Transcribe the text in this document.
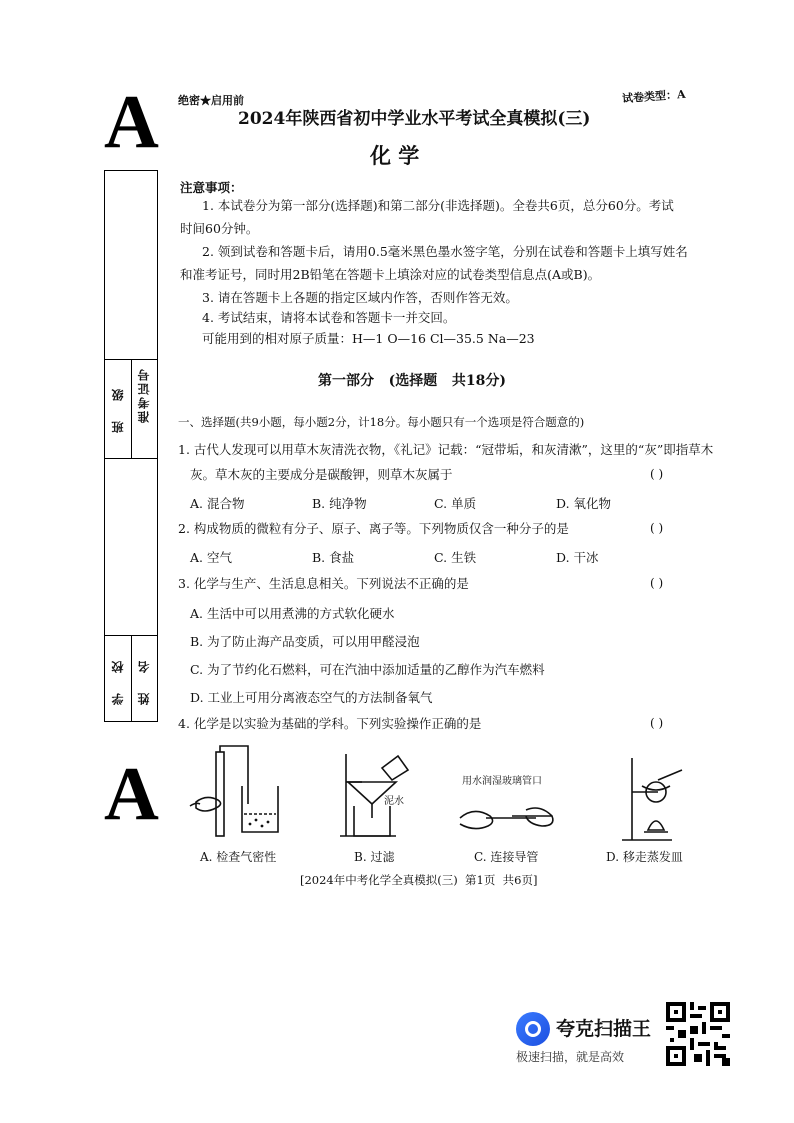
A
A
班 级 准考证号
学 校 姓 名
绝密★启用前	试卷类型：A
2024年陕西省初中学业水平考试全真模拟(三)
化 学
注意事项：
1. 本试卷分为第一部分(选择题)和第二部分(非选择题)。全卷共6页，总分60分。考试
时间60分钟。
2. 领到试卷和答题卡后，请用0.5毫米黑色墨水签字笔，分别在试卷和答题卡上填写姓名
和准考证号，同时用2B铅笔在答题卡上填涂对应的试卷类型信息点(A或B)。
3. 请在答题卡上各题的指定区域内作答，否则作答无效。
4. 考试结束，请将本试卷和答题卡一并交回。
可能用到的相对原子质量：H—1 O—16 Cl—35.5 Na—23
第一部分   (选择题   共18分)
一、选择题(共9小题，每小题2分，计18分。每小题只有一个选项是符合题意的)
1. 古代人发现可以用草木灰清洗衣物，《礼记》记载：“冠带垢，和灰清漱”，这里的“灰”即指草木
灰。草木灰的主要成分是碳酸钾，则草木灰属于	( )
A. 混合物	B. 纯净物	C. 单质	D. 氧化物
2. 构成物质的微粒有分子、原子、离子等。下列物质仅含一种分子的是	( )
A. 空气	B. 食盐	C. 生铁	D. 干冰
3. 化学与生产、生活息息相关。下列说法不正确的是	( )
A. 生活中可以用煮沸的方式软化硬水
B. 为了防止海产品变质，可以用甲醛浸泡
C. 为了节约化石燃料，可在汽油中添加适量的乙醇作为汽车燃料
D. 工业上可用分离液态空气的方法制备氧气
4. 化学是以实验为基础的学科。下列实验操作正确的是	( )
A. 检查气密性
泥水
B. 过滤
用水润湿玻璃管口
C. 连接导管	D. 移走蒸发皿
[2024年中考化学全真模拟(三)  第1页  共6页]
夸克扫描王
极速扫描，就是高效
